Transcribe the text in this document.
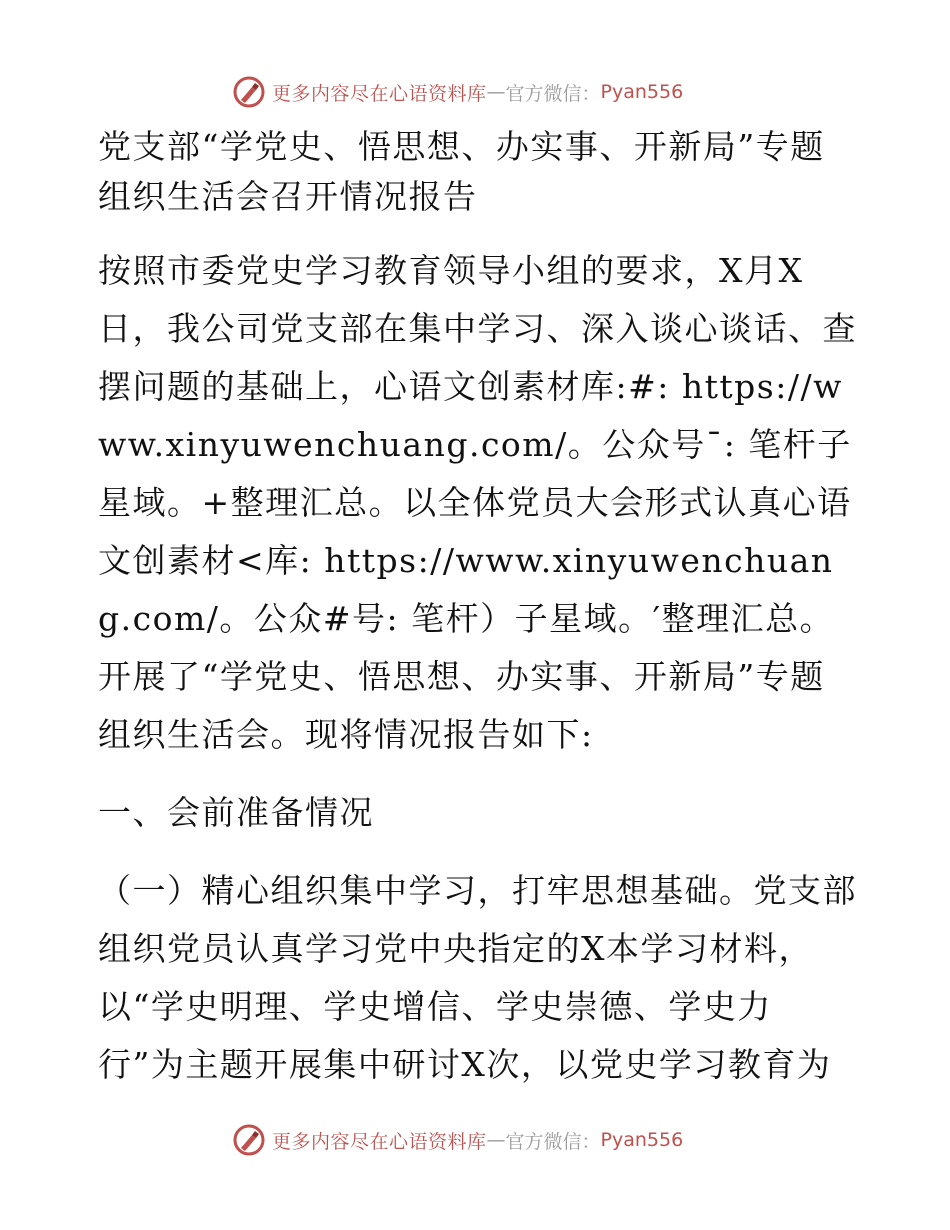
更多内容尽在心语资料库 — 官方微信： Pyan556
党支部“学党史、悟思想、办实事、开新局”专题组织生活会召开情况报告

按照市委党史学习教育领导小组的要求，X月X日，我公司党支部在集中学习、深入谈心谈话、查摆问题的基础上，心语文创素材库:#: https://www.xinyuwenchuang.com/。公众号¯: 笔杆子星域。+整理汇总。以全体党员大会形式认真心语文创素材<库: https://www.xinyuwenchuang.com/。公众#号: 笔杆）子星域。′整理汇总。开展了“学党史、悟思想、办实事、开新局”专题组织生活会。现将情况报告如下:

一、会前准备情况

（一）精心组织集中学习，打牢思想基础。党支部组织党员认真学习党中央指定的X本学习材料，以“学史明理、学史增信、学史崇德、学史力行”为主题开展集中研讨X次，以党史学习教育为

更多内容尽在心语资料库 — 官方微信： Pyan556
